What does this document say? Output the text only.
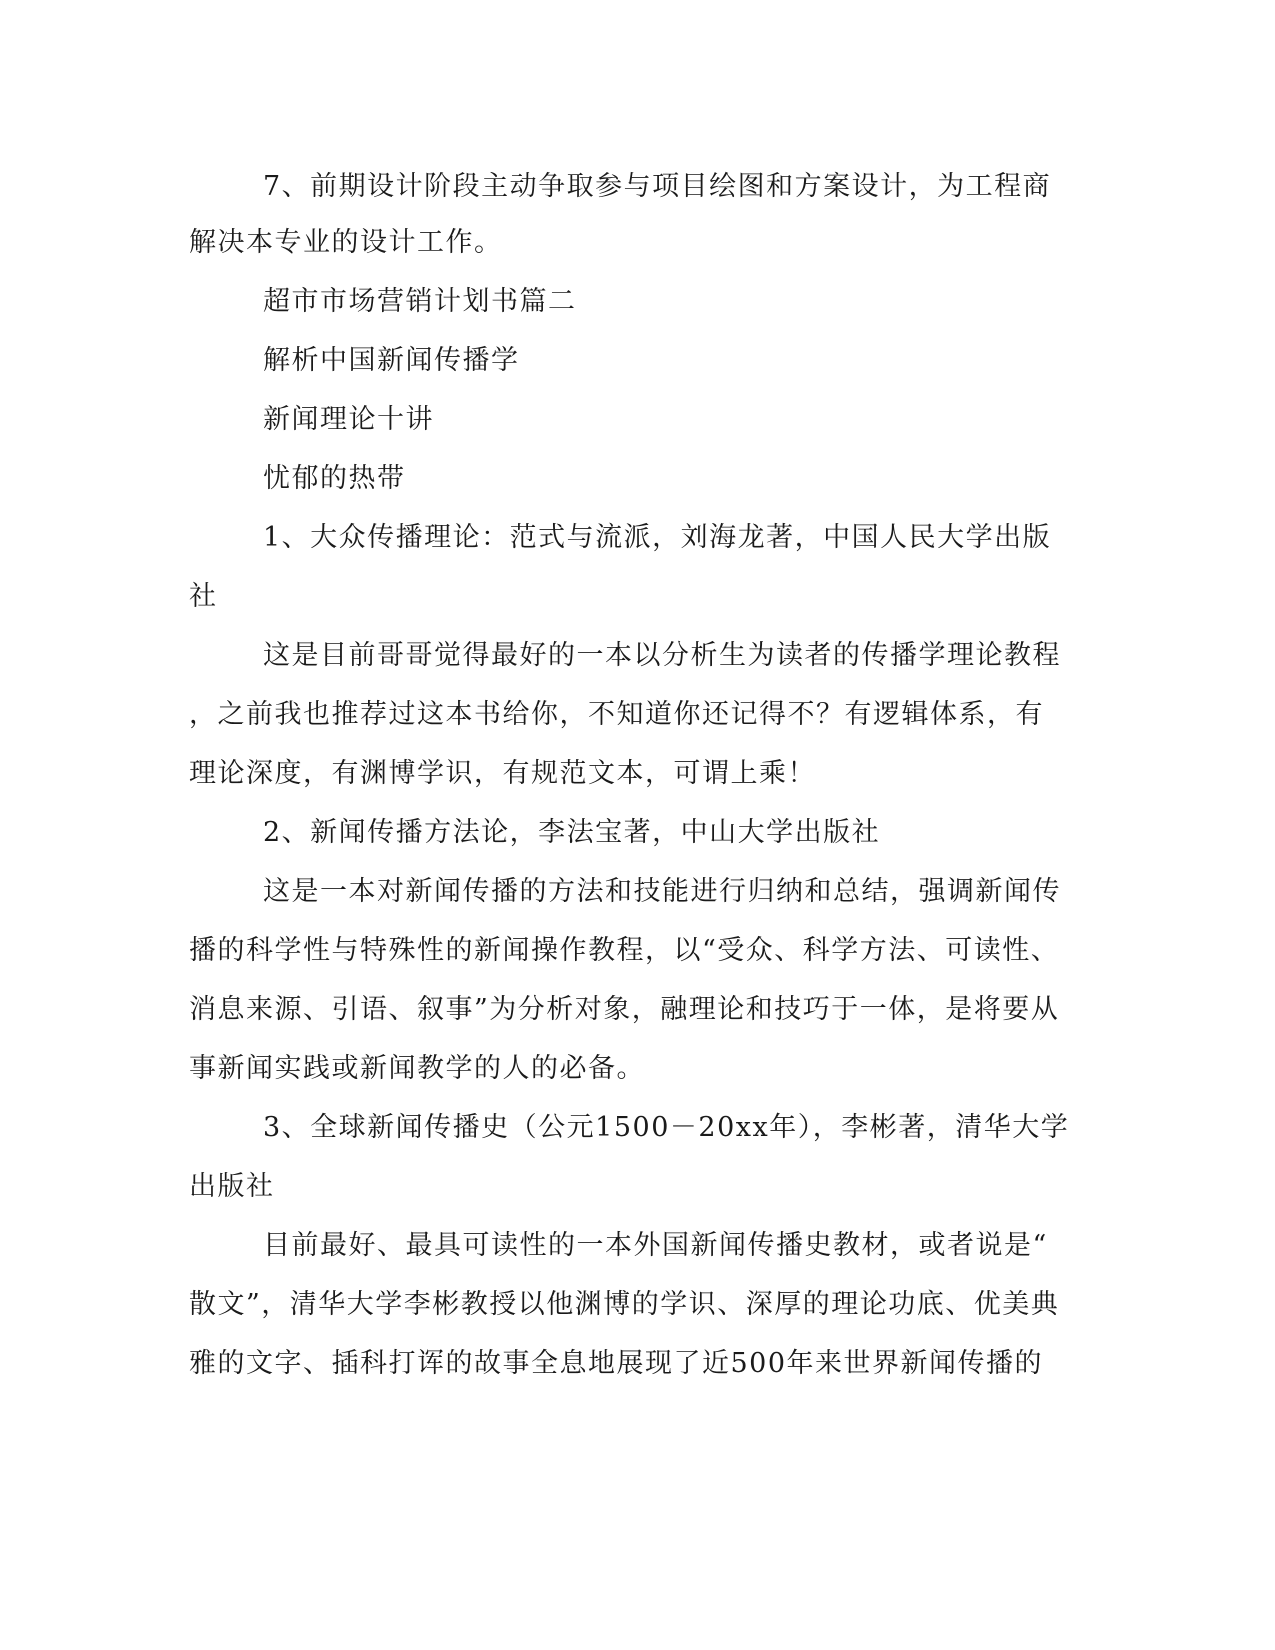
7、前期设计阶段主动争取参与项目绘图和方案设计，为工程商
解决本专业的设计工作。
超市市场营销计划书篇二
解析中国新闻传播学
新闻理论十讲
忧郁的热带
1、大众传播理论：范式与流派，刘海龙著，中国人民大学出版
社
这是目前哥哥觉得最好的一本以分析生为读者的传播学理论教程
，之前我也推荐过这本书给你，不知道你还记得不？有逻辑体系，有
理论深度，有渊博学识，有规范文本，可谓上乘！
2、新闻传播方法论，李法宝著，中山大学出版社
这是一本对新闻传播的方法和技能进行归纳和总结，强调新闻传
播的科学性与特殊性的新闻操作教程，以“受众、科学方法、可读性、
消息来源、引语、叙事”为分析对象，融理论和技巧于一体，是将要从
事新闻实践或新闻教学的人的必备。
3、全球新闻传播史（公元1500－20xx年），李彬著，清华大学
出版社
目前最好、最具可读性的一本外国新闻传播史教材，或者说是“
散文”，清华大学李彬教授以他渊博的学识、深厚的理论功底、优美典
雅的文字、插科打诨的故事全息地展现了近500年来世界新闻传播的
